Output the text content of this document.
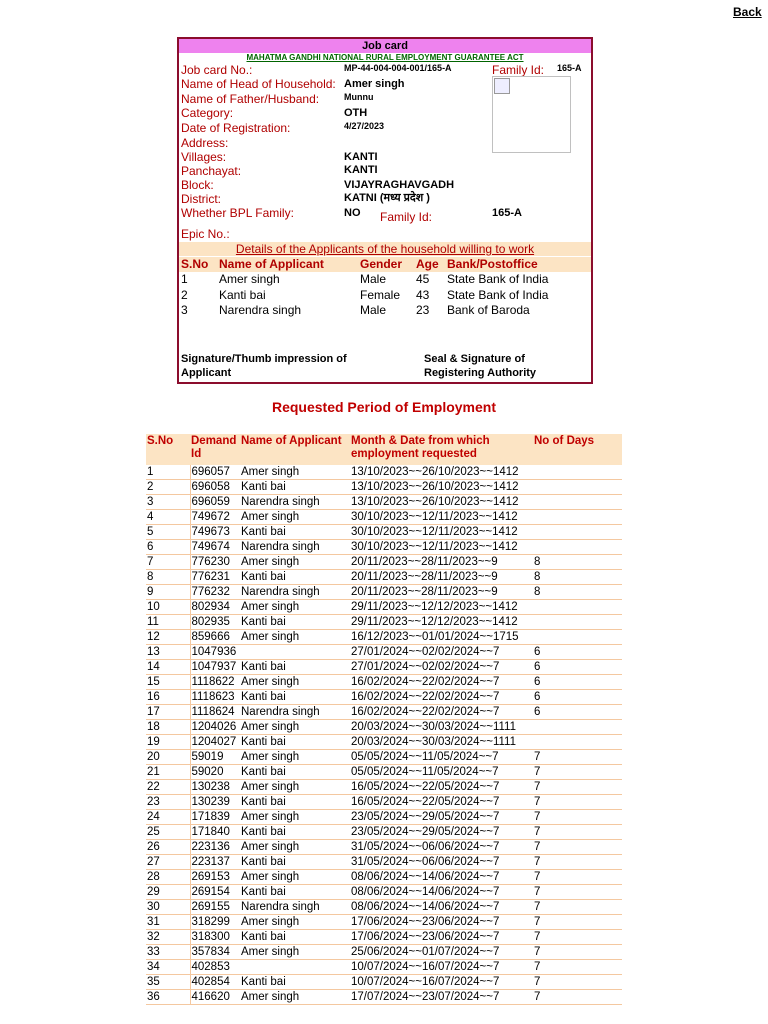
Back
Job card
MAHATMA GANDHI NATIONAL RURAL EMPLOYMENT GUARANTEE ACT
Job card No.:	MP-44-004-004-001/165-A	Family Id: 165-A
Name of Head of Household: Amer singh
Name of Father/Husband:	Munnu
Category:	OTH
Date of Registration:	4/27/2023
Address:
Villages:	KANTI
Panchayat:	KANTI
Block:	VIJAYRAGHAVGADH
District:	KATNI (मध्य प्रदेश )
Whether BPL Family:	NO Family Id:	165-A
Epic No.:
Details of the Applicants of the household willing to work
S.No Name of Applicant	Gender Age Bank/Postoffice
1	Amer singh	Male 45 State Bank of India
2	Kanti bai	Female 43 State Bank of India
3	Narendra singh	Male 23 Bank of Baroda
Signature/Thumb impression of Applicant
Seal & Signature of Registering Authority
Requested Period of Employment
S.No	Demand Id	Name of Applicant	Month & Date from which employment requested	No of Days
1	696057	Amer singh	13/10/2023~~26/10/2023~~1412	
2	696058	Kanti bai	13/10/2023~~26/10/2023~~1412	
3	696059	Narendra singh	13/10/2023~~26/10/2023~~1412	
4	749672	Amer singh	30/10/2023~~12/11/2023~~1412	
5	749673	Kanti bai	30/10/2023~~12/11/2023~~1412	
6	749674	Narendra singh	30/10/2023~~12/11/2023~~1412	
7	776230	Amer singh	20/11/2023~~28/11/2023~~9	8
8	776231	Kanti bai	20/11/2023~~28/11/2023~~9	8
9	776232	Narendra singh	20/11/2023~~28/11/2023~~9	8
10	802934	Amer singh	29/11/2023~~12/12/2023~~1412	
11	802935	Kanti bai	29/11/2023~~12/12/2023~~1412	
12	859666	Amer singh	16/12/2023~~01/01/2024~~1715	
13	1047936		27/01/2024~~02/02/2024~~7	6
14	1047937	Kanti bai	27/01/2024~~02/02/2024~~7	6
15	1118622	Amer singh	16/02/2024~~22/02/2024~~7	6
16	1118623	Kanti bai	16/02/2024~~22/02/2024~~7	6
17	1118624	Narendra singh	16/02/2024~~22/02/2024~~7	6
18	1204026	Amer singh	20/03/2024~~30/03/2024~~1111	
19	1204027	Kanti bai	20/03/2024~~30/03/2024~~1111	
20	59019	Amer singh	05/05/2024~~11/05/2024~~7	7
21	59020	Kanti bai	05/05/2024~~11/05/2024~~7	7
22	130238	Amer singh	16/05/2024~~22/05/2024~~7	7
23	130239	Kanti bai	16/05/2024~~22/05/2024~~7	7
24	171839	Amer singh	23/05/2024~~29/05/2024~~7	7
25	171840	Kanti bai	23/05/2024~~29/05/2024~~7	7
26	223136	Amer singh	31/05/2024~~06/06/2024~~7	7
27	223137	Kanti bai	31/05/2024~~06/06/2024~~7	7
28	269153	Amer singh	08/06/2024~~14/06/2024~~7	7
29	269154	Kanti bai	08/06/2024~~14/06/2024~~7	7
30	269155	Narendra singh	08/06/2024~~14/06/2024~~7	7
31	318299	Amer singh	17/06/2024~~23/06/2024~~7	7
32	318300	Kanti bai	17/06/2024~~23/06/2024~~7	7
33	357834	Amer singh	25/06/2024~~01/07/2024~~7	7
34	402853		10/07/2024~~16/07/2024~~7	7
35	402854	Kanti bai	10/07/2024~~16/07/2024~~7	7
36	416620	Amer singh	17/07/2024~~23/07/2024~~7	7
